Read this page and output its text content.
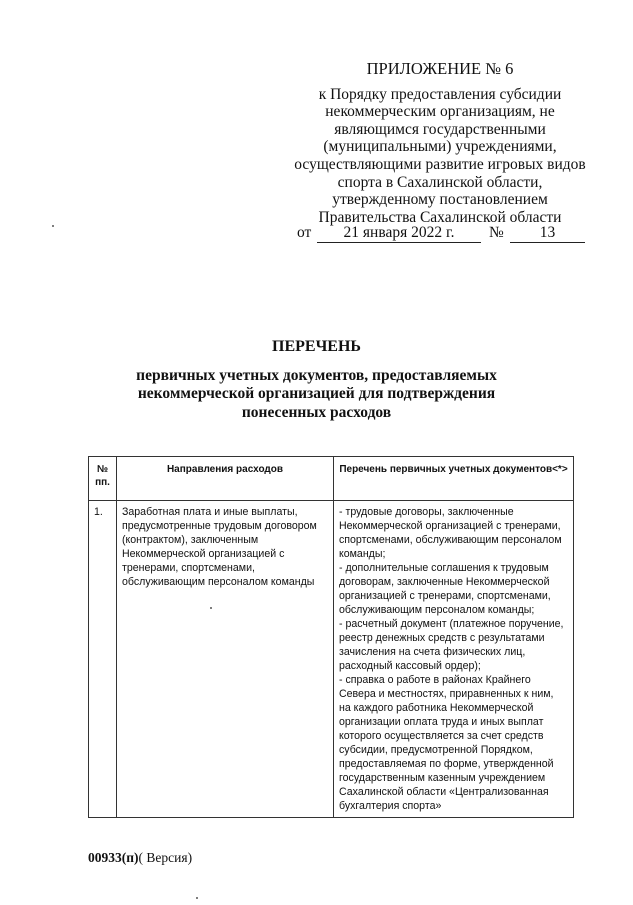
ПРИЛОЖЕНИЕ № 6
к Порядку предоставления субсидии
некоммерческим организациям, не
являющимся государственными
(муниципальными) учреждениями,
осуществляющими развитие игровых видов
спорта в Сахалинской области,
утвержденному постановлением
Правительства Сахалинской области
от	21 января 2022 г.	№	13
ПЕРЕЧЕНЬ
первичных учетных документов, предоставляемых
некоммерческой организацией для подтверждения
понесенных расходов
№ пп.	Направления расходов	Перечень первичных учетных документов<*>
1.	Заработная плата и иные выплаты, предусмотренные трудовым договором (контрактом), заключенным Некоммерческой организацией с тренерами, спортсменами, обслуживающим персоналом команды	- трудовые договоры, заключенные Некоммерческой организацией с тренерами, спортсменами, обслуживающим персоналом команды;
- дополнительные соглашения к трудовым договорам, заключенные Некоммерческой организацией с тренерами, спортсменами, обслуживающим персоналом команды;
- расчетный документ (платежное поручение, реестр денежных средств с результатами зачисления на счета физических лиц, расходный кассовый ордер);
- справка о работе в районах Крайнего Севера и местностях, приравненных к ним, на каждого работника Некоммерческой организации оплата труда и иных выплат которого осуществляется за счет средств субсидии, предусмотренной Порядком, предоставляемая по форме, утвержденной государственным казенным учреждением Сахалинской области «Централизованная бухгалтерия спорта»
00933(п)( Версия)
